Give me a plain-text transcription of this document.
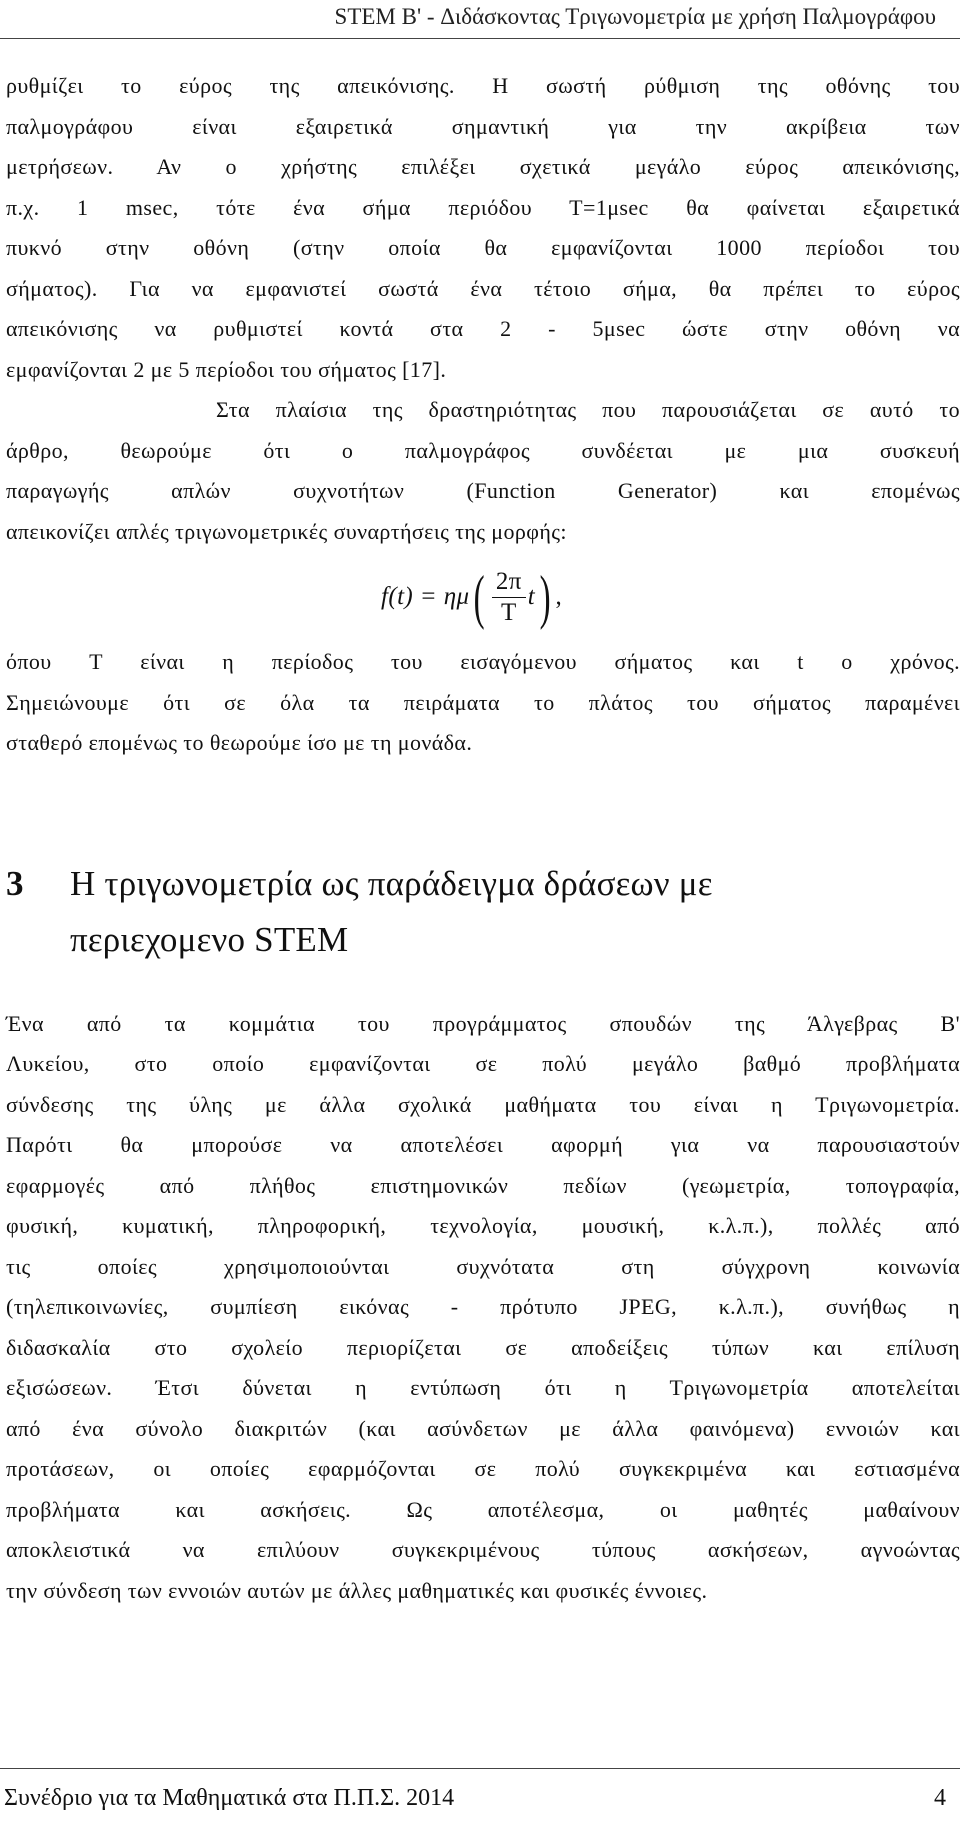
STEM B' - Διδάσκοντας Τριγωνομετρία με χρήση Παλμογράφου

ρυθμίζει το εύρος της απεικόνισης. Η σωστή ρύθμιση της οθόνης του

παλμογράφου είναι εξαιρετικά σημαντική για την ακρίβεια των

μετρήσεων. Αν ο χρήστης επιλέξει σχετικά μεγάλο εύρος απεικόνισης,

π.χ. 1 msec, τότε ένα σήμα περιόδου Τ=1μsec θα φαίνεται εξαιρετικά

πυκνό στην οθόνη (στην οποία θα εμφανίζονται 1000 περίοδοι του

σήματος). Για να εμφανιστεί σωστά ένα τέτοιο σήμα, θα πρέπει το εύρος

απεικόνισης να ρυθμιστεί κοντά στα 2 - 5μsec ώστε στην οθόνη να

εμφανίζονται 2 με 5 περίοδοι του σήματος [17].

Στα πλαίσια της δραστηριότητας που παρουσιάζεται σε αυτό το

άρθρο, θεωρούμε ότι ο παλμογράφος συνδέεται με μια συσκευή

παραγωγής απλών συχνοτήτων (Function Generator) και επομένως

απεικονίζει απλές τριγωνομετρικές συναρτήσεις της μορφής:

f(t) = ημ ( $\frac{2\pi}{T}$ t ) ,

όπου T είναι η περίοδος του εισαγόμενου σήματος και t ο χρόνος.

Σημειώνουμε ότι σε όλα τα πειράματα το πλάτος του σήματος παραμένει

σταθερό επομένως το θεωρούμε ίσο με τη μονάδα.

3 Η τριγωνομετρία ως παράδειγμα δράσεων με
περιεχομενο STEM

Ένα από τα κομμάτια του προγράμματος σπουδών της Άλγεβρας Β'

Λυκείου, στο οποίο εμφανίζονται σε πολύ μεγάλο βαθμό προβλήματα

σύνδεσης της ύλης με άλλα σχολικά μαθήματα του είναι η Τριγωνομετρία.

Παρότι θα μπορούσε να αποτελέσει αφορμή για να παρουσιαστούν

εφαρμογές από πλήθος επιστημονικών πεδίων (γεωμετρία, τοπογραφία,

φυσική, κυματική, πληροφορική, τεχνολογία, μουσική, κ.λ.π.), πολλές από

τις οποίες χρησιμοποιούνται συχνότατα στη σύγχρονη κοινωνία

(τηλεπικοινωνίες, συμπίεση εικόνας - πρότυπο JPEG, κ.λ.π.), συνήθως η

διδασκαλία στο σχολείο περιορίζεται σε αποδείξεις τύπων και επίλυση

εξισώσεων. Έτσι δύνεται η εντύπωση ότι η Τριγωνομετρία αποτελείται

από ένα σύνολο διακριτών (και ασύνδετων με άλλα φαινόμενα) εννοιών και

προτάσεων, οι οποίες εφαρμόζονται σε πολύ συγκεκριμένα και εστιασμένα

προβλήματα και ασκήσεις. Ως αποτέλεσμα, οι μαθητές μαθαίνουν

αποκλειστικά να επιλύουν συγκεκριμένους τύπους ασκήσεων, αγνοώντας

την σύνδεση των εννοιών αυτών με άλλες μαθηματικές και φυσικές έννοιες.

Συνέδριο για τα Μαθηματικά στα Π.Π.Σ. 2014	4
